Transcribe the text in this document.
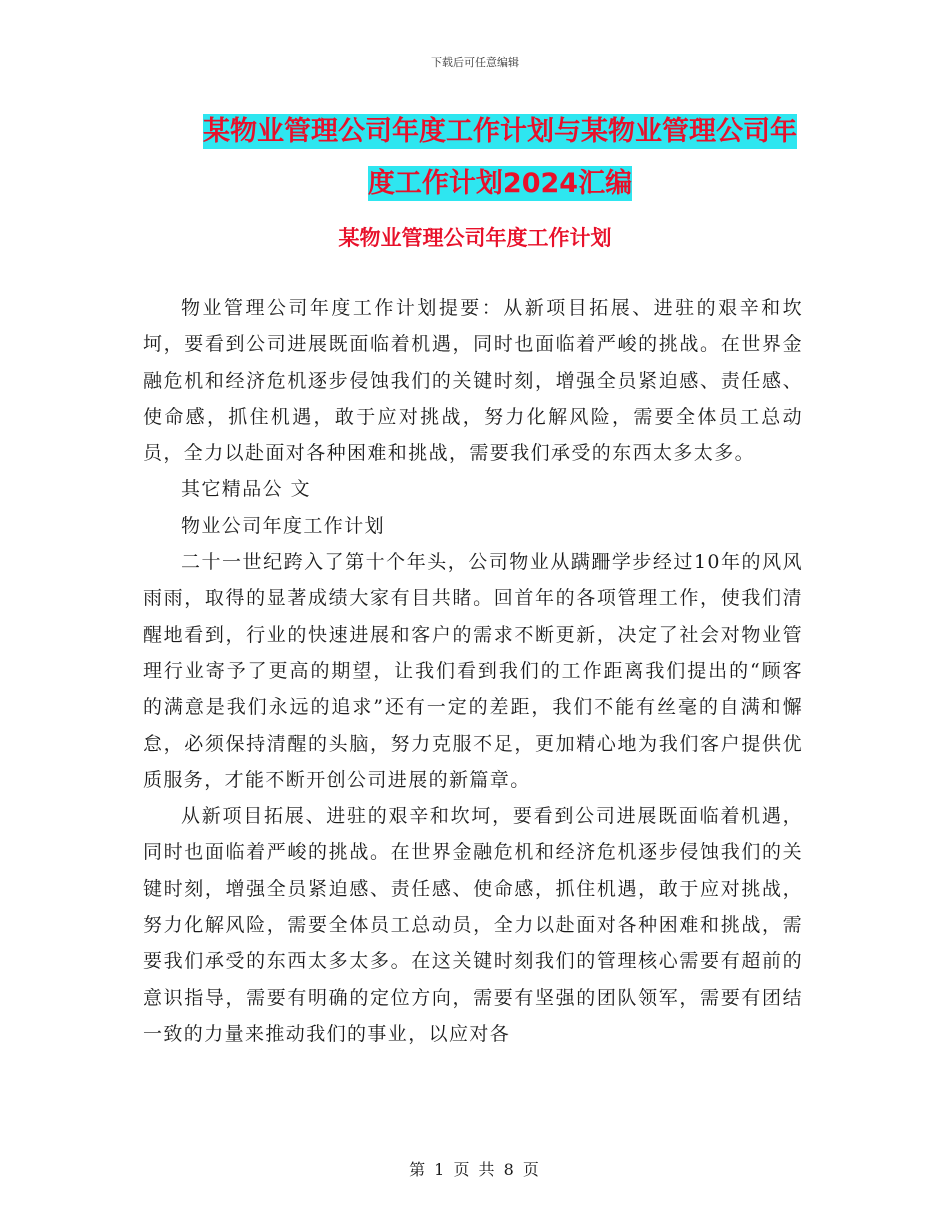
下载后可任意编辑
某物业管理公司年度工作计划与某物业管理公司年度工作计划2024汇编
某物业管理公司年度工作计划

物业管理公司年度工作计划提要：从新项目拓展、进驻的艰辛和坎坷，要看到公司进展既面临着机遇，同时也面临着严峻的挑战。在世界金融危机和经济危机逐步侵蚀我们的关键时刻，增强全员紧迫感、责任感、使命感，抓住机遇，敢于应对挑战，努力化解风险，需要全体员工总动员，全力以赴面对各种困难和挑战，需要我们承受的东西太多太多。

其它精品公 文

物业公司年度工作计划

二十一世纪跨入了第十个年头，公司物业从蹒跚学步经过10年的风风雨雨，取得的显著成绩大家有目共睹。回首年的各项管理工作，使我们清醒地看到，行业的快速进展和客户的需求不断更新，决定了社会对物业管理行业寄予了更高的期望，让我们看到我们的工作距离我们提出的“顾客的满意是我们永远的追求”还有一定的差距，我们不能有丝毫的自满和懈怠，必须保持清醒的头脑，努力克服不足，更加精心地为我们客户提供优质服务，才能不断开创公司进展的新篇章。

从新项目拓展、进驻的艰辛和坎坷，要看到公司进展既面临着机遇，同时也面临着严峻的挑战。在世界金融危机和经济危机逐步侵蚀我们的关键时刻，增强全员紧迫感、责任感、使命感，抓住机遇，敢于应对挑战，努力化解风险，需要全体员工总动员，全力以赴面对各种困难和挑战，需要我们承受的东西太多太多。在这关键时刻我们的管理核心需要有超前的意识指导，需要有明确的定位方向，需要有坚强的团队领军，需要有团结一致的力量来推动我们的事业，以应对各

第 1 页 共 8 页
